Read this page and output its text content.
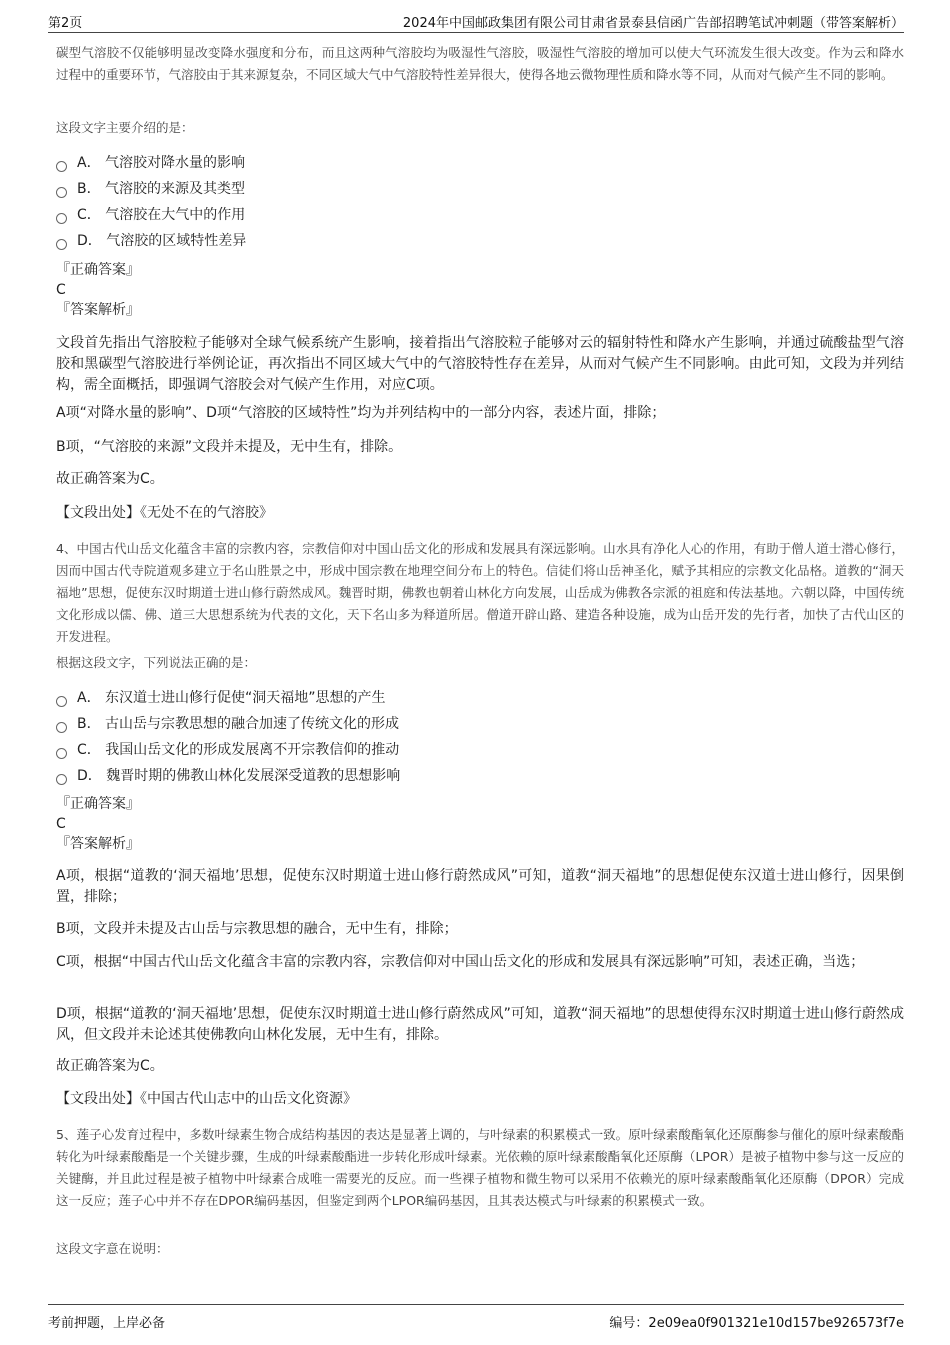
第2页	2024年中国邮政集团有限公司甘肃省景泰县信函广告部招聘笔试冲刺题（带答案解析）

碳型气溶胶不仅能够明显改变降水强度和分布，而且这两种气溶胶均为吸湿性气溶胶，吸湿性气溶胶的增加可以使大气环流发生很大改变。作为云和降水过程中的重要环节，气溶胶由于其来源复杂，不同区域大气中气溶胶特性差异很大，使得各地云微物理性质和降水等不同，从而对气候产生不同的影响。

这段文字主要介绍的是：

A． 气溶胶对降水量的影响
B． 气溶胶的来源及其类型
C． 气溶胶在大气中的作用
D． 气溶胶的区域特性差异

『正确答案』

C

『答案解析』

文段首先指出气溶胶粒子能够对全球气候系统产生影响，接着指出气溶胶粒子能够对云的辐射特性和降水产生影响，并通过硫酸盐型气溶胶和黑碳型气溶胶进行举例论证，再次指出不同区域大气中的气溶胶特性存在差异，从而对气候产生不同影响。由此可知，文段为并列结构，需全面概括，即强调气溶胶会对气候产生作用，对应C项。

A项“对降水量的影响”、D项“气溶胶的区域特性”均为并列结构中的一部分内容，表述片面，排除；

B项，“气溶胶的来源”文段并未提及，无中生有，排除。

故正确答案为C。

【文段出处】《无处不在的气溶胶》

4、中国古代山岳文化蕴含丰富的宗教内容，宗教信仰对中国山岳文化的形成和发展具有深远影响。山水具有净化人心的作用，有助于僧人道士潜心修行，因而中国古代寺院道观多建立于名山胜景之中，形成中国宗教在地理空间分布上的特色。信徒们将山岳神圣化，赋予其相应的宗教文化品格。道教的“洞天福地”思想，促使东汉时期道士进山修行蔚然成风。魏晋时期，佛教也朝着山林化方向发展，山岳成为佛教各宗派的祖庭和传法基地。六朝以降，中国传统文化形成以儒、佛、道三大思想系统为代表的文化，天下名山多为释道所居。僧道开辟山路、建造各种设施，成为山岳开发的先行者，加快了古代山区的开发进程。

根据这段文字，下列说法正确的是：

A． 东汉道士进山修行促使“洞天福地”思想的产生
B． 古山岳与宗教思想的融合加速了传统文化的形成
C． 我国山岳文化的形成发展离不开宗教信仰的推动
D． 魏晋时期的佛教山林化发展深受道教的思想影响

『正确答案』

C

『答案解析』

A项，根据“道教的‘洞天福地’思想，促使东汉时期道士进山修行蔚然成风”可知，道教“洞天福地”的思想促使东汉道士进山修行，因果倒置，排除；

B项，文段并未提及古山岳与宗教思想的融合，无中生有，排除；

C项，根据“中国古代山岳文化蕴含丰富的宗教内容，宗教信仰对中国山岳文化的形成和发展具有深远影响”可知，表述正确，当选；

D项，根据“道教的‘洞天福地’思想，促使东汉时期道士进山修行蔚然成风”可知，道教“洞天福地”的思想使得东汉时期道士进山修行蔚然成风，但文段并未论述其使佛教向山林化发展，无中生有，排除。

故正确答案为C。

【文段出处】《中国古代山志中的山岳文化资源》

5、莲子心发育过程中，多数叶绿素生物合成结构基因的表达是显著上调的，与叶绿素的积累模式一致。原叶绿素酸酯氧化还原酶参与催化的原叶绿素酸酯转化为叶绿素酸酯是一个关键步骤，生成的叶绿素酸酯进一步转化形成叶绿素。光依赖的原叶绿素酸酯氧化还原酶（LPOR）是被子植物中参与这一反应的关键酶，并且此过程是被子植物中叶绿素合成唯一需要光的反应。而一些裸子植物和微生物可以采用不依赖光的原叶绿素酸酯氧化还原酶（DPOR）完成这一反应；莲子心中并不存在DPOR编码基因，但鉴定到两个LPOR编码基因，且其表达模式与叶绿素的积累模式一致。

这段文字意在说明：

考前押题，上岸必备	编号：2e09ea0f901321e10d157be926573f7e
